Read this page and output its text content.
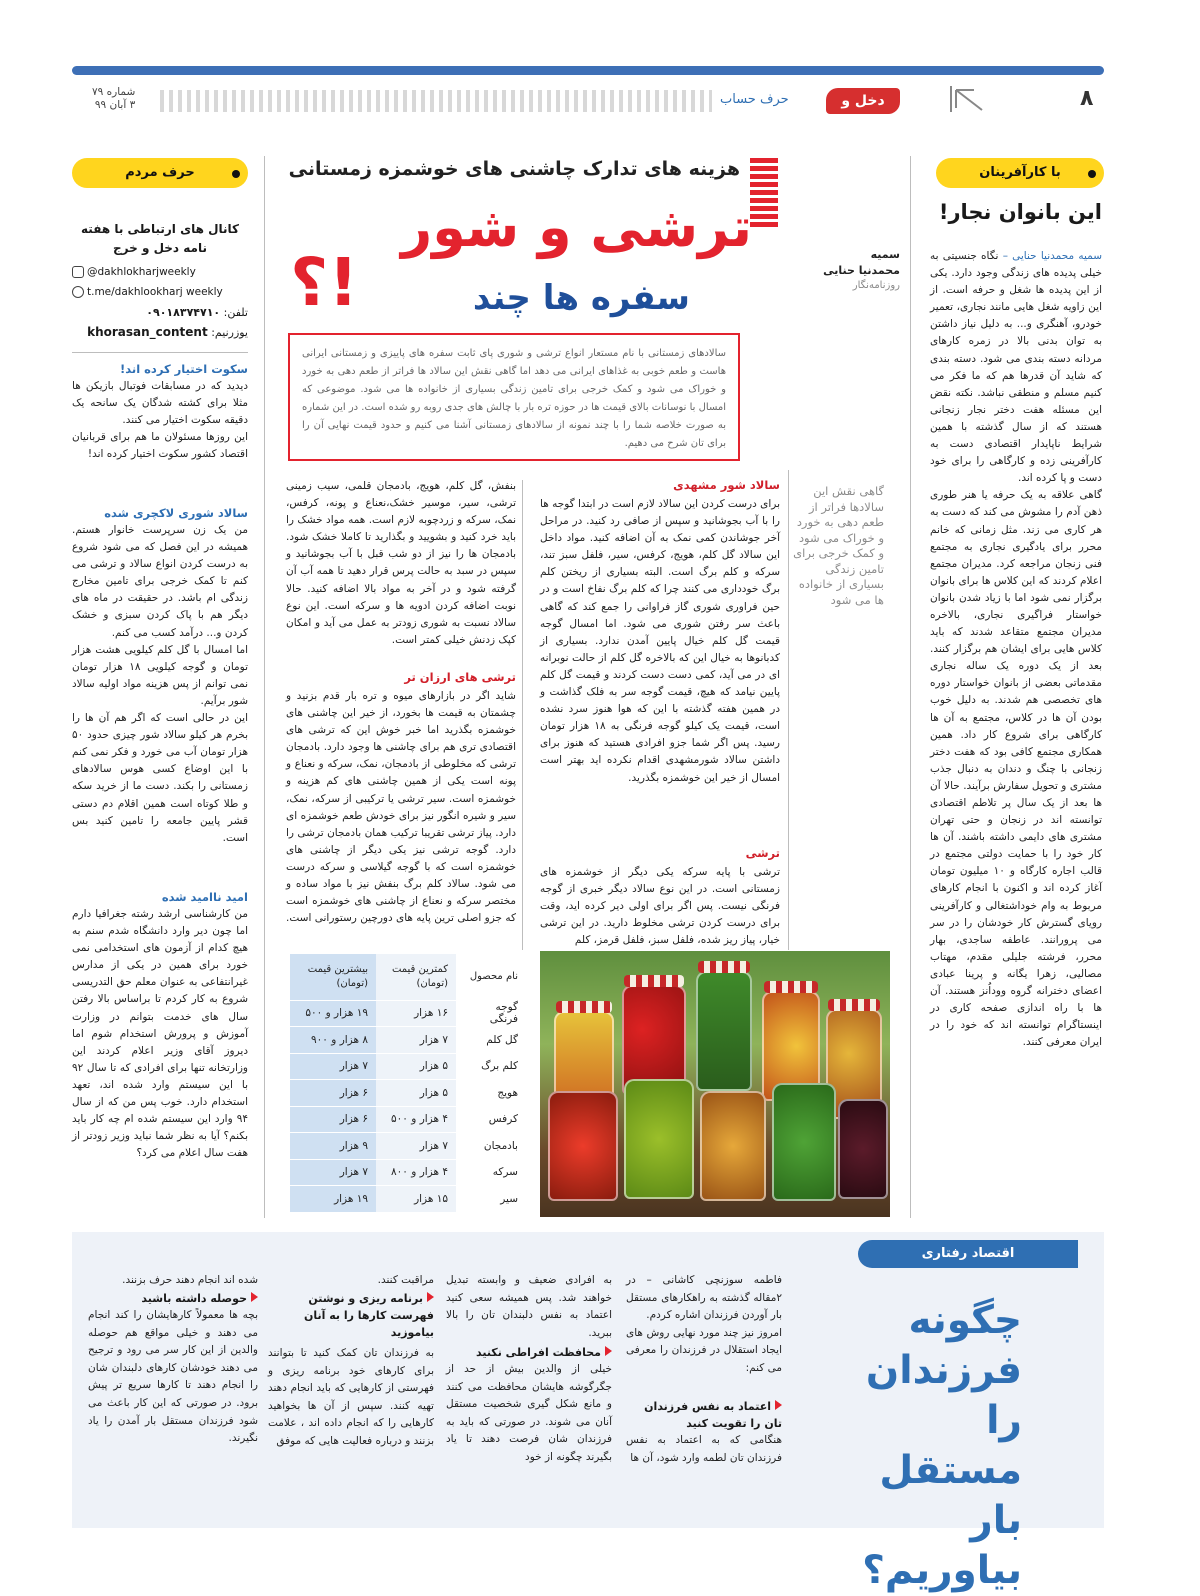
۸
دخل و خرج
حرف حساب
شماره ۷۹
۳ آبان ۹۹
با کارآفرینان
این بانوان نجار!
سمیه محمدنیا حنایی – نگاه جنسیتی به خیلی پدیده های زندگی وجود دارد. یکی از این پدیده ها شغل و حرفه است. از این زاویه شغل هایی مانند نجاری، تعمیر خودرو، آهنگری و... به دلیل نیاز داشتن به توان بدنی بالا در زمره کارهای مردانه دسته بندی می شود. دسته بندی که شاید آن قدرها هم که ما فکر می کنیم مسلم و منطقی نباشد. نکته نقض این مسئله هفت دختر نجار زنجانی هستند که از سال گذشته با همین شرایط ناپایدار اقتصادی دست به کارآفرینی زده و کارگاهی را برای خود دست و پا کرده اند.
گاهی علاقه به یک حرفه یا هنر طوری ذهن آدم را مشوش می کند که دست به هر کاری می زند. مثل زمانی که خانم محرر برای یادگیری نجاری به مجتمع فنی زنجان مراجعه کرد. مدیران مجتمع اعلام کردند که این کلاس ها برای بانوان برگزار نمی شود اما با زیاد شدن بانوان خواستار فراگیری نجاری، بالاخره مدیران مجتمع متقاعد شدند که باید کلاس هایی برای ایشان هم برگزار کنند. بعد از یک دوره یک ساله نجاری مقدماتی بعضی از بانوان خواستار دوره های تخصصی هم شدند. به دلیل خوب بودن آن ها در کلاس، مجتمع به آن ها کارگاهی برای شروع کار داد. همین همکاری مجتمع کافی بود که هفت دختر زنجانی با چنگ و دندان به دنبال جذب مشتری و تحویل سفارش برآیند. حالا آن ها بعد از یک سال پر تلاطم اقتصادی توانسته اند در زنجان و حتی تهران مشتری های دایمی داشته باشند. آن ها کار خود را با حمایت دولتی مجتمع در قالب اجاره کارگاه و ۱۰ میلیون تومان آغاز کرده اند و اکنون با انجام کارهای مربوط به وام خوداشتغالی و کارآفرینی رویای گسترش کار خودشان را در سر می پرورانند. عاطفه ساجدی، بهار محرر، فرشته جلیلی مقدم، مهتاب مصالیی، زهرا یگانه و پرینا عبادی اعضای دخترانه گروه ووداُنز هستند. آن ها با راه اندازی صفحه کاری در اینستاگرام توانسته اند که خود را در ایران معرفی کنند.
هزینه های تدارک چاشنی های خوشمزه زمستانی
ترشی و شور
سفره ها چند
؟!	سمیه
محمدنیا حنایی
روزنامه‌نگار
سالادهای زمستانی با نام مستعار انواع ترشی و شوری پای ثابت سفره های پاییزی و زمستانی ایرانی هاست و طعم خوبی به غذاهای ایرانی می دهد اما گاهی نقش این سالاد ها فراتر از طعم دهی به خورد و خوراک می شود و کمک خرجی برای تامین زندگی بسیاری از خانواده ها می شود. موضوعی که امسال با نوسانات بالای قیمت ها در حوزه تره بار با چالش های جدی روبه رو شده است. در این شماره به صورت خلاصه شما را با چند نمونه از سالادهای زمستانی آشنا می کنیم و حدود قیمت نهایی آن را برای تان شرح می دهیم.
گاهی نقش این سالادها فراتر از طعم دهی به خورد و خوراک می شود و کمک خرجی برای تامین زندگی بسیاری از خانواده ها می شود
سالاد شور مشهدی
برای درست کردن این سالاد لازم است در ابتدا گوجه ها را با آب بجوشانید و سپس از صافی رد کنید. در مراحل آخر جوشاندن کمی نمک به آن اضافه کنید. مواد داخل این سالاد گل کلم، هویج، کرفس، سیر، فلفل سبز تند، سرکه و کلم برگ است. البته بسیاری از ریختن کلم برگ خودداری می کنند چرا که کلم برگ نفاخ است و در حین فراوری شوری گاز فراوانی را جمع کند که گاهی باعث سر رفتن شوری می شود. اما امسال گوجه قیمت گل کلم خیال پایین آمدن ندارد. بسیاری از کدبانوها به خیال این که بالاخره گل کلم از حالت نوبرانه ای در می آید، کمی دست دست کردند و قیمت گل کلم پایین نیامد که هیچ، قیمت گوجه سر به فلک گذاشت و در همین هفته گذشته با این که هوا هنوز سرد نشده است، قیمت یک کیلو گوجه فرنگی به ۱۸ هزار تومان رسید. پس اگر شما جزو افرادی هستید که هنوز برای داشتن سالاد شورمشهدی اقدام نکرده اید بهتر است امسال از خیر این خوشمزه بگذرید.
ترشی
ترشی با پایه سرکه یکی دیگر از خوشمزه های زمستانی است. در این نوع سالاد دیگر خبری از گوجه فرنگی نیست. پس اگر برای اولی دیر کرده اید، وقت برای درست کردن ترشی مخلوط دارید. در این ترشی خیار، پیاز ریز شده، فلفل سبز، فلفل قرمز، کلم
بنفش، گل کلم، هویج، بادمجان قلمی، سیب زمینی ترشی، سیر، موسیر خشک،نعناع و پونه، کرفس، نمک، سرکه و زردچوبه لازم است. همه مواد خشک را باید خرد کنید و بشویید و بگذارید تا کاملا خشک شود. بادمجان ها را نیز از دو شب قبل با آب بجوشانید و سپس در سبد به حالت پرس قرار دهید تا همه آب آن گرفته شود و در آخر به مواد بالا اضافه کنید. حالا نوبت اضافه کردن ادویه ها و سرکه است. این نوع سالاد نسبت به شوری زودتر به عمل می آید و امکان کپک زدنش خیلی کمتر است.
ترشی های ارزان تر
شاید اگر در بازارهای میوه و تره بار قدم بزنید و چشمتان به قیمت ها بخورد، از خیر این چاشنی های خوشمزه بگذرید اما خبر خوش این که ترشی های اقتصادی تری هم برای چاشنی ها وجود دارد. بادمجان ترشی که مخلوطی از بادمجان، نمک، سرکه و نعناع و پونه است یکی از همین چاشنی های کم هزینه و خوشمزه است. سیر ترشی یا ترکیبی از سرکه، نمک، سیر و شیره انگور نیز برای خودش طعم خوشمزه ای دارد. پیاز ترشی تقریبا ترکیب همان بادمجان ترشی را دارد. گوجه ترشی نیز یکی دیگر از چاشنی های خوشمزه است که با گوجه گیلاسی و سرکه درست می شود. سالاد کلم برگ بنفش نیز با مواد ساده و مختصر سرکه و نعناع از چاشنی های خوشمزه است که جزو اصلی ترین پایه های دورچین رستورانی است.
نام محصول	کمترین قیمت (تومان)	بیشترین قیمت (تومان)
گوجه فرنگی	۱۶ هزار	۱۹ هزار و ۵۰۰
گل کلم	۷ هزار	۸ هزار و ۹۰۰
کلم برگ	۵ هزار	۷ هزار
هویج	۵ هزار	۶ هزار
کرفس	۴ هزار و ۵۰۰	۶ هزار
بادمجان	۷ هزار	۹ هزار
سرکه	۴ هزار و ۸۰۰	۷ هزار
سیر	۱۵ هزار	۱۹ هزار
حرف مردم
کانال های ارتباطی با هفته نامه دخل و خرج
@dakhlokharjweekly
t.me/dakhlookharj weekly
تلفن: ۰۹۰۱۸۳۷۴۷۱۰
یوزرنیم: khorasan_content
سکوت اختیار کرده اند!
دیدید که در مسابقات فوتبال بازیکن ها مثلا برای کشته شدگان یک سانحه یک دقیقه سکوت اختیار می کنند.
این روزها مسئولان ما هم برای قربانیان اقتصاد کشور سکوت اختیار کرده اند!
سالاد شوری لاکچری شده
من یک زن سرپرست خانوار هستم. همیشه در این فصل که می شود شروع به درست کردن انواع سالاد و ترشی می کنم تا کمک خرجی برای تامین مخارج زندگی ام باشد. در حقیقت در ماه های دیگر هم با پاک کردن سبزی و خشک کردن و... درآمد کسب می کنم.
اما امسال با گل کلم کیلویی هشت هزار تومان و گوجه کیلویی ۱۸ هزار تومان نمی توانم از پس هزینه مواد اولیه سالاد شور برآیم.
این در حالی است که اگر هم آن ها را بخرم هر کیلو سالاد شور چیزی حدود ۵۰ هزار تومان آب می خورد و فکر نمی کنم با این اوضاع کسی هوس سالادهای زمستانی را بکند. دست ما از خرید سکه و طلا کوتاه است همین اقلام دم دستی قشر پایین جامعه را تامین کنید بس است.
امید ناامید شده
من کارشناسی ارشد رشته جغرافیا دارم اما چون دیر وارد دانشگاه شدم سنم به هیچ کدام از آزمون های استخدامی نمی خورد برای همین در یکی از مدارس غیرانتفاعی به عنوان معلم حق التدریسی شروع به کار کردم تا براساس بالا رفتن سال های خدمت بتوانم در وزارت آموزش و پرورش استخدام شوم اما دیروز آقای وزیر اعلام کردند این وزارتخانه تنها برای افرادی که تا سال ۹۲ با این سیستم وارد شده اند، تعهد استخدام دارد. خوب پس من که از سال ۹۴ وارد این سیستم شده ام چه کار باید بکنم؟ آیا به نظر شما نباید وزیر زودتر از هفت سال اعلام می کرد؟
اقتصاد رفتاری
چگونه فرزندان را مستقل بار بیاوریم؟
فاطمه سوزنچی کاشانی – در ۲مقاله گذشته به راهکارهای مستقل بار آوردن فرزندان اشاره کردم.
امروز نیز چند مورد نهایی روش های ایجاد استقلال در فرزندان را معرفی می کنم:
اعتماد به نفس فرزندان تان را تقویت کنید
هنگامی که به اعتماد به نفس فرزندان تان لطمه وارد شود، آن ها
به افرادی ضعیف و وابسته تبدیل خواهند شد. پس همیشه سعی کنید اعتماد به نفس دلبندان تان را بالا ببرید.
محافظت افراطی نکنید
خیلی از والدین بیش از حد از جگرگوشه هایشان محافظت می کنند و مانع شکل گیری شخصیت مستقل آنان می شوند. در صورتی که باید به فرزندان شان فرصت دهند تا یاد بگیرند چگونه از خود
مراقبت کنند.
برنامه ریزی و نوشتن فهرست کارها را به آنان بیاموزید
به فرزندان تان کمک کنید تا بتوانند برای کارهای خود برنامه ریزی و فهرستی از کارهایی که باید انجام دهند تهیه کنند. سپس از آن ها بخواهید کارهایی را که انجام داده اند ، علامت بزنند و درباره فعالیت هایی که موفق
شده اند انجام دهند حرف بزنند.
حوصله داشته باشید
بچه ها معمولاً کارهایشان را کند انجام می دهند و خیلی مواقع هم حوصله والدین از این کار سر می رود و ترجیح می دهند خودشان کارهای دلبندان شان را انجام دهند تا کارها سریع تر پیش برود. در صورتی که این کار باعث می شود فرزندان مستقل بار آمدن را یاد نگیرند.
